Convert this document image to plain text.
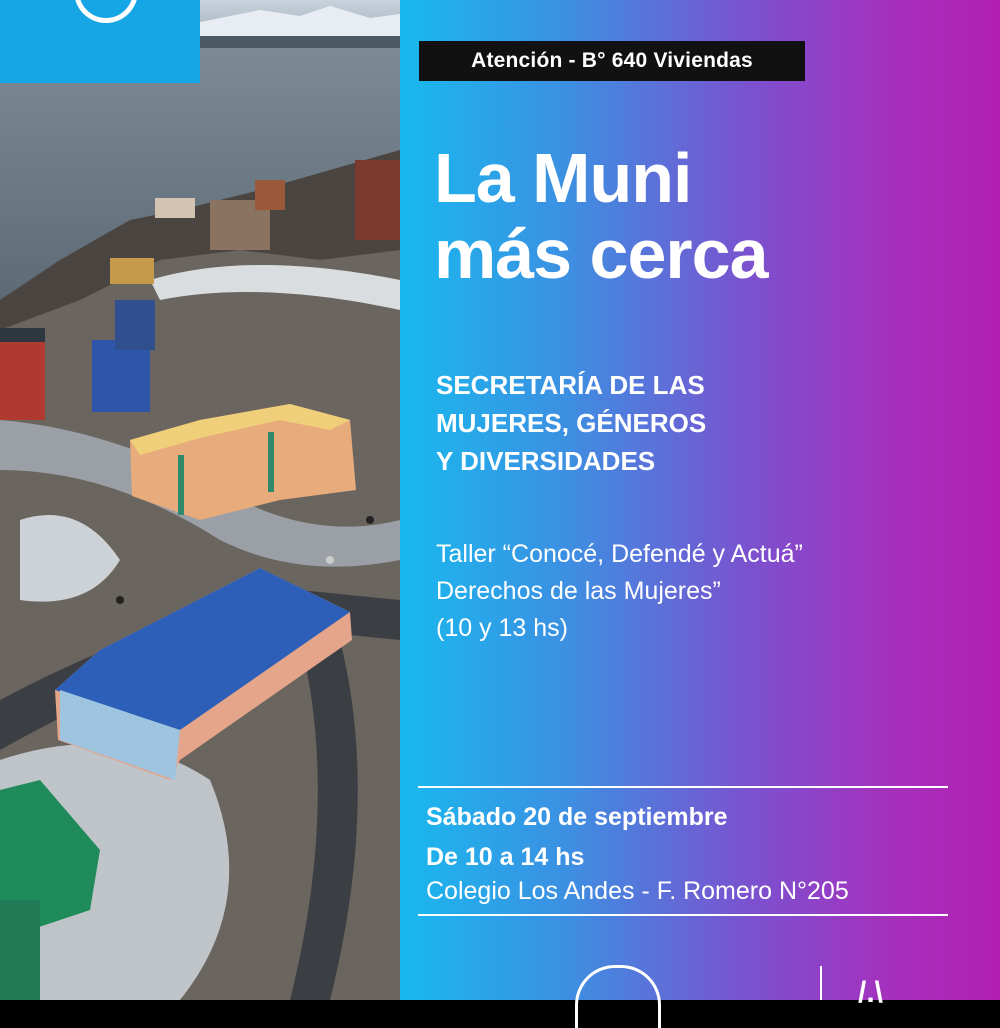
Atención - B° 640 Viviendas
La Muni
más cerca
SECRETARÍA DE LAS
MUJERES, GÉNEROS
Y DIVERSIDADES
Taller “Conocé, Defendé y Actuá”
Derechos de las Mujeres”
(10 y 13 hs)
Sábado 20 de septiembre
De 10 a 14 hs
Colegio Los Andes - F. Romero N°205
/.\
